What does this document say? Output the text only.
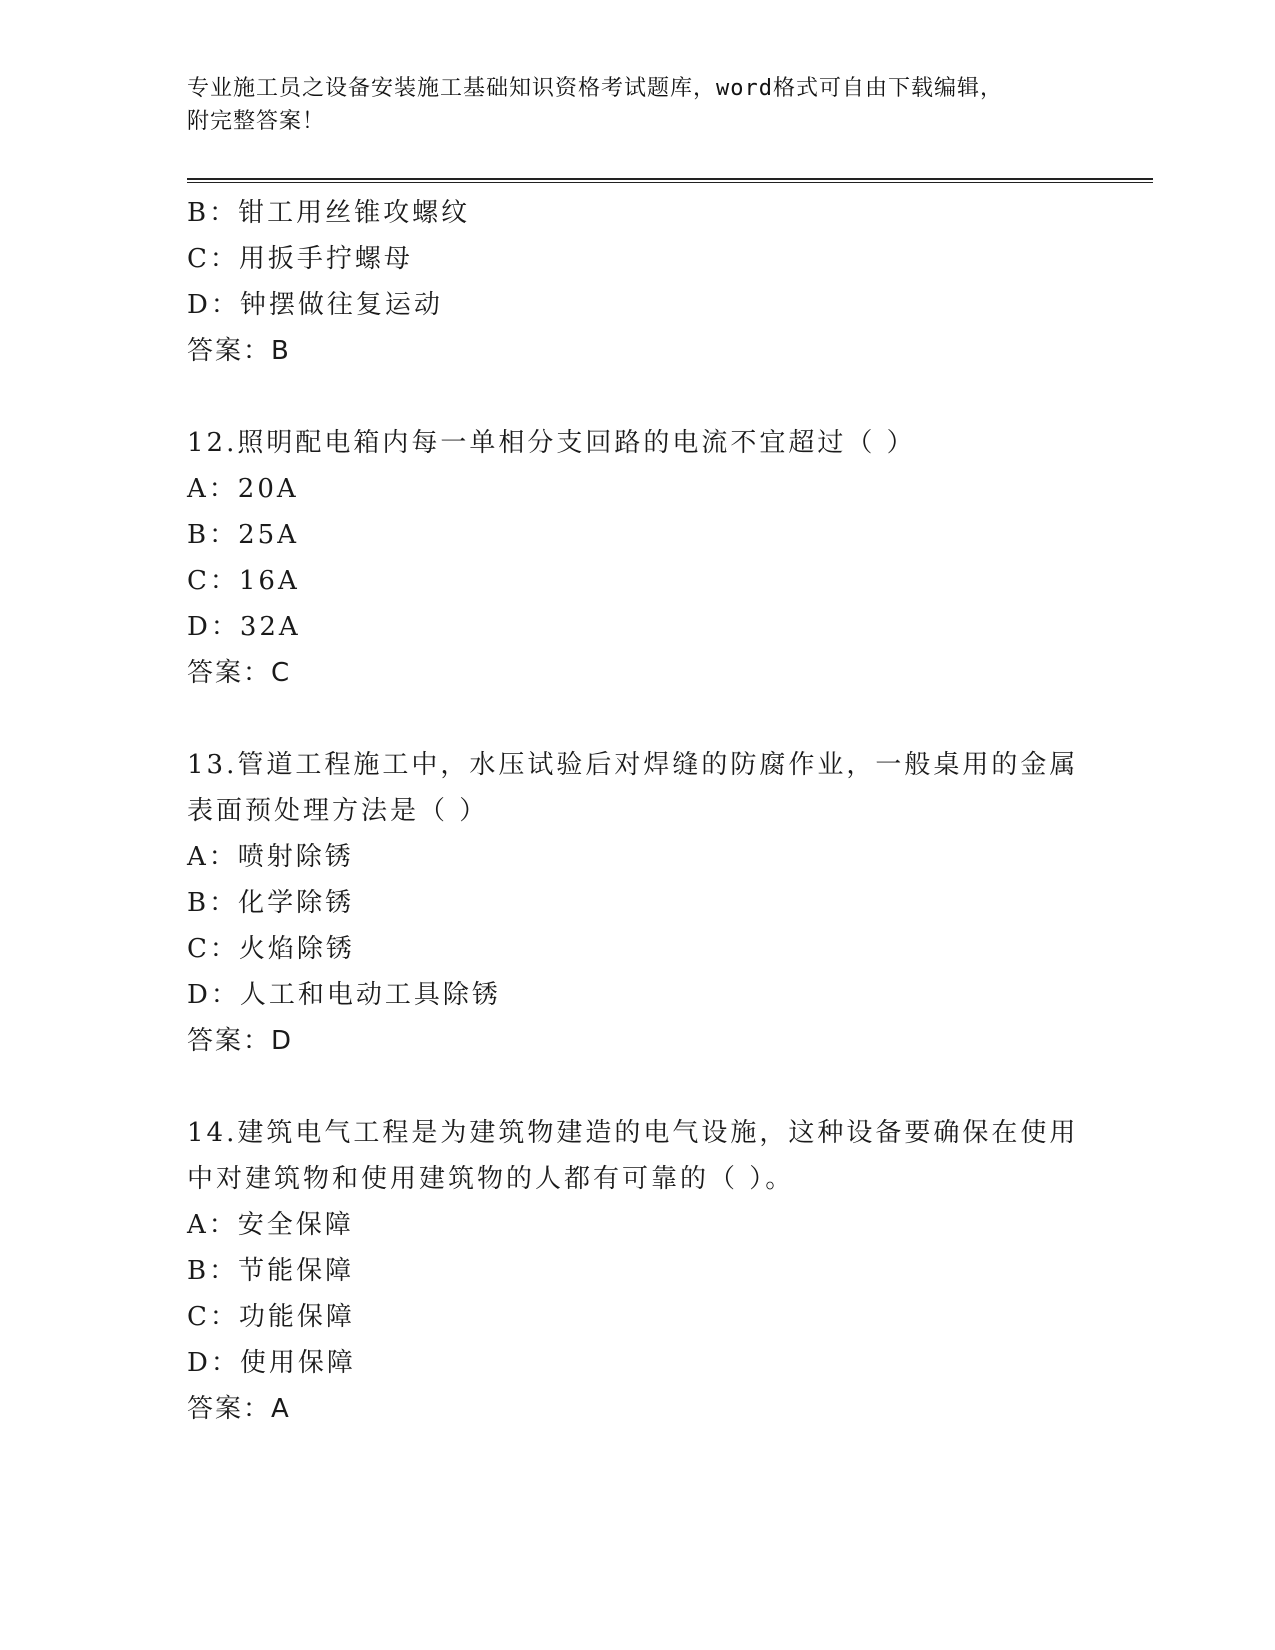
专业施工员之设备安装施工基础知识资格考试题库，word格式可自由下载编辑，
附完整答案！
B：钳工用丝锥攻螺纹
C：用扳手拧螺母
D：钟摆做往复运动
答案：B
12.照明配电箱内每一单相分支回路的电流不宜超过（ ）
A：20A
B：25A
C：16A
D：32A
答案：C
13.管道工程施工中，水压试验后对焊缝的防腐作业，一般桌用的金属
表面预处理方法是（ ）
A：喷射除锈
B：化学除锈
C：火焰除锈
D：人工和电动工具除锈
答案：D
14.建筑电气工程是为建筑物建造的电气设施，这种设备要确保在使用
中对建筑物和使用建筑物的人都有可靠的（ ）。
A：安全保障
B：节能保障
C：功能保障
D：使用保障
答案：A
